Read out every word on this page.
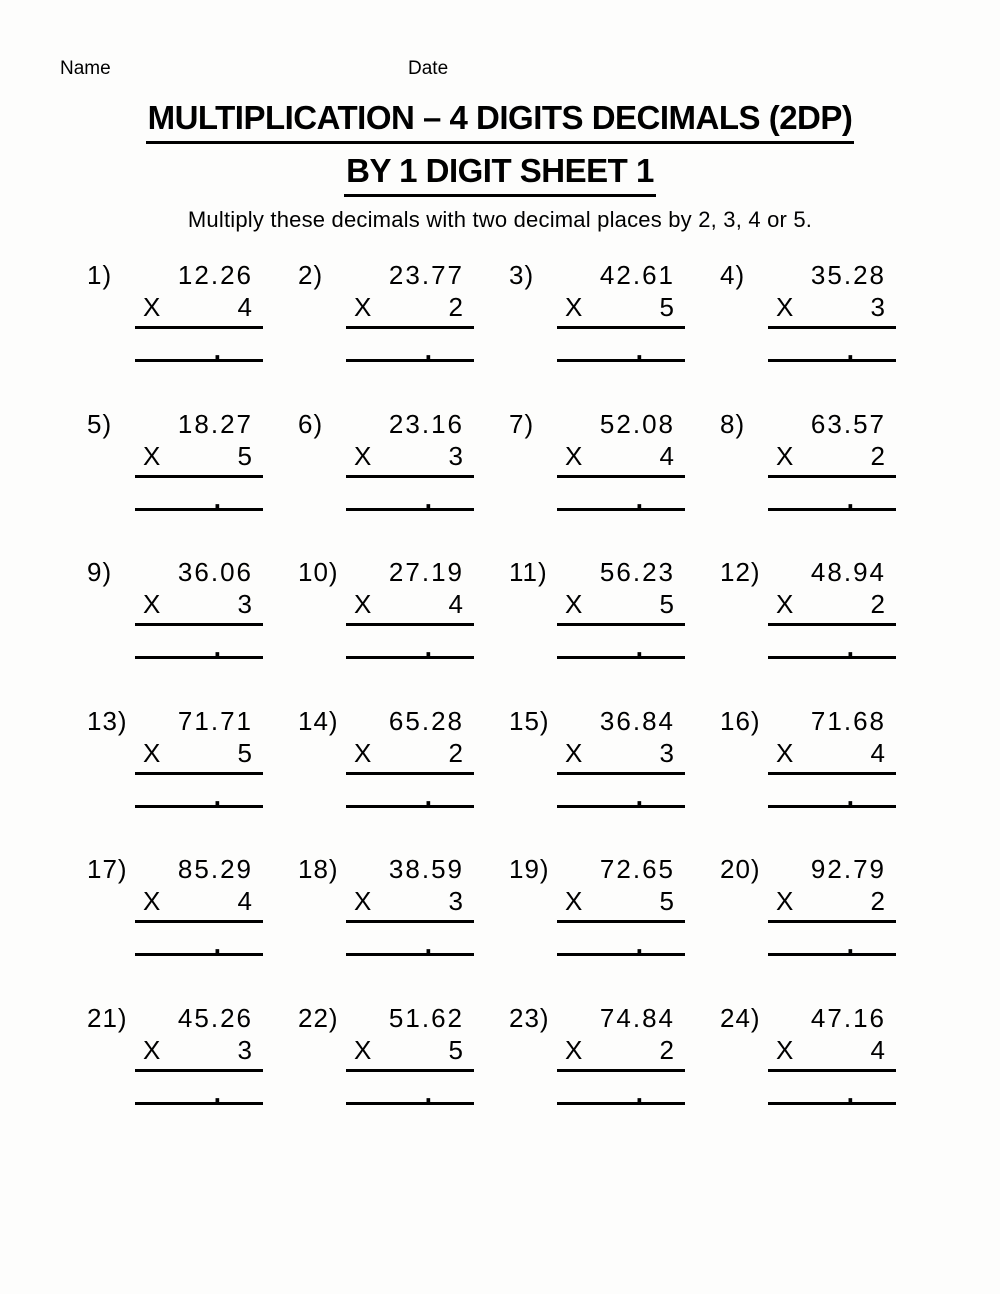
Name	Date
MULTIPLICATION – 4 DIGITS DECIMALS (2DP)
BY 1 DIGIT SHEET 1
Multiply these decimals with two decimal places by 2, 3, 4 or 5.
1)	12.26
X	4
.
2)	23.77
X	2
.
3)	42.61
X	5
.
4)	35.28
X	3
.
5)	18.27
X	5
.
6)	23.16
X	3
.
7)	52.08
X	4
.
8)	63.57
X	2
.
9)	36.06
X	3
.
10)	27.19
X	4
.
11)	56.23
X	5
.
12)	48.94
X	2
.
13)	71.71
X	5
.
14)	65.28
X	2
.
15)	36.84
X	3
.
16)	71.68
X	4
.
17)	85.29
X	4
.
18)	38.59
X	3
.
19)	72.65
X	5
.
20)	92.79
X	2
.
21)	45.26
X	3
.
22)	51.62
X	5
.
23)	74.84
X	2
.
24)	47.16
X	4
.
